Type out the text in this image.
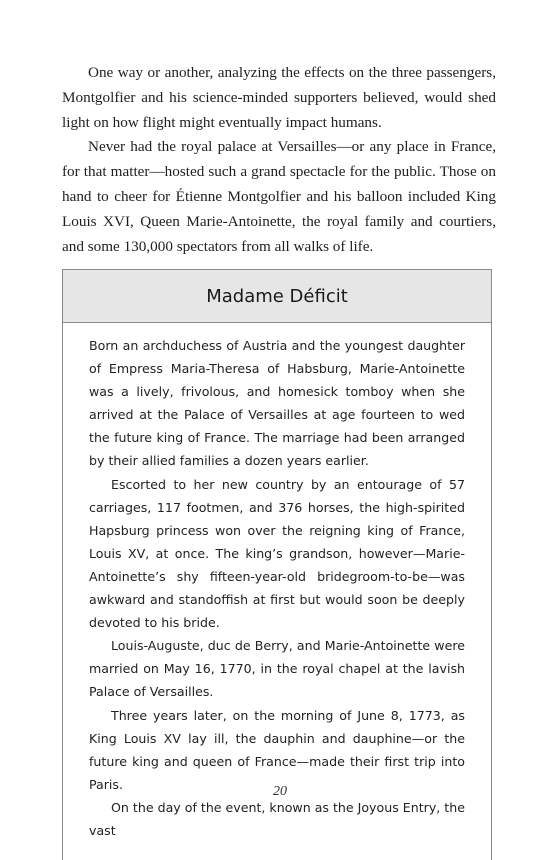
One way or another, analyzing the effects on the three passengers, Montgolfier and his science-minded supporters believed, would shed light on how flight might eventually impact humans.

Never had the royal palace at Versailles—or any place in France, for that matter—hosted such a grand spectacle for the public. Those on hand to cheer for Étienne Montgolfier and his balloon included King Louis XVI, Queen Marie-Antoinette, the royal family and courtiers, and some 130,000 spectators from all walks of life.

Madame Déficit

Born an archduchess of Austria and the youngest daughter of Empress Maria-Theresa of Habsburg, Marie-Antoinette was a lively, frivolous, and homesick tomboy when she arrived at the Palace of Versailles at age fourteen to wed the future king of France. The marriage had been arranged by their allied families a dozen years earlier.

Escorted to her new country by an entourage of 57 carriages, 117 footmen, and 376 horses, the high-spirited Hapsburg princess won over the reigning king of France, Louis XV, at once. The king’s grandson, however—Marie-Antoinette’s shy fifteen-year-old bridegroom-to-be—was awkward and standoffish at first but would soon be deeply devoted to his bride.

Louis-Auguste, duc de Berry, and Marie-Antoinette were married on May 16, 1770, in the royal chapel at the lavish Palace of Versailles.

Three years later, on the morning of June 8, 1773, as King Louis XV lay ill, the dauphin and dauphine—or the future king and queen of France—made their first trip into Paris.

On the day of the event, known as the Joyous Entry, the vast

20
